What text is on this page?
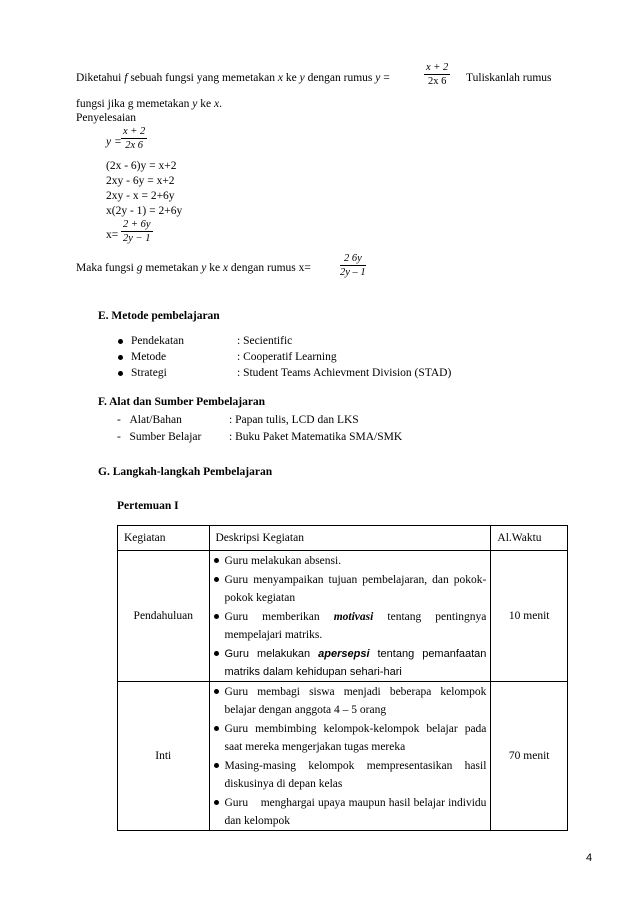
Diketahui f sebuah fungsi yang memetakan x ke y dengan rumus y =	$\frac{x + 2}{2x 6}$ Tuliskanlah rumus
fungsi jika g memetakan y ke x.
Penyelesaian
$y = \frac{x + 2}{2x 6}$
(2x - 6)y = x+2
2xy - 6y = x+2
2xy - x = 2+6y
x(2y - 1) = 2+6y
$x= \frac{2 + 6y}{2y - 1}$
Maka fungsi g memetakan y ke x dengan rumus x=	$\frac{2 6y}{2y - 1}$
E. Metode pembelajaran
Pendekatan	: Secientific
Metode	: Cooperatif Learning
Strategi	: Student Teams Achievment Division (STAD)
F. Alat dan Sumber Pembelajaran
-   Alat/Bahan	: Papan tulis, LCD dan LKS
-   Sumber Belajar : Buku Paket Matematika SMA/SMK
G. Langkah-langkah Pembelajaran
Pertemuan I
Kegiatan	Deskripsi Kegiatan	Al.Waktu
Pendahuluan	Guru melakukan absensi.
Guru menyampaikan tujuan pembelajaran, dan pokok-pokok kegiatan
Guru memberikan motivasi tentang pentingnya mempelajari matriks.
Guru melakukan apersepsi tentang pemanfaatan matriks dalam kehidupan sehari-hari	10 menit
Inti	Guru membagi siswa menjadi beberapa kelompok belajar dengan anggota 4 – 5 orang
Guru membimbing kelompok-kelompok belajar pada saat mereka mengerjakan tugas mereka
Masing-masing kelompok mempresentasikan hasil diskusinya di depan kelas
Guru    menghargai upaya maupun hasil belajar individu dan kelompok	70 menit
4
